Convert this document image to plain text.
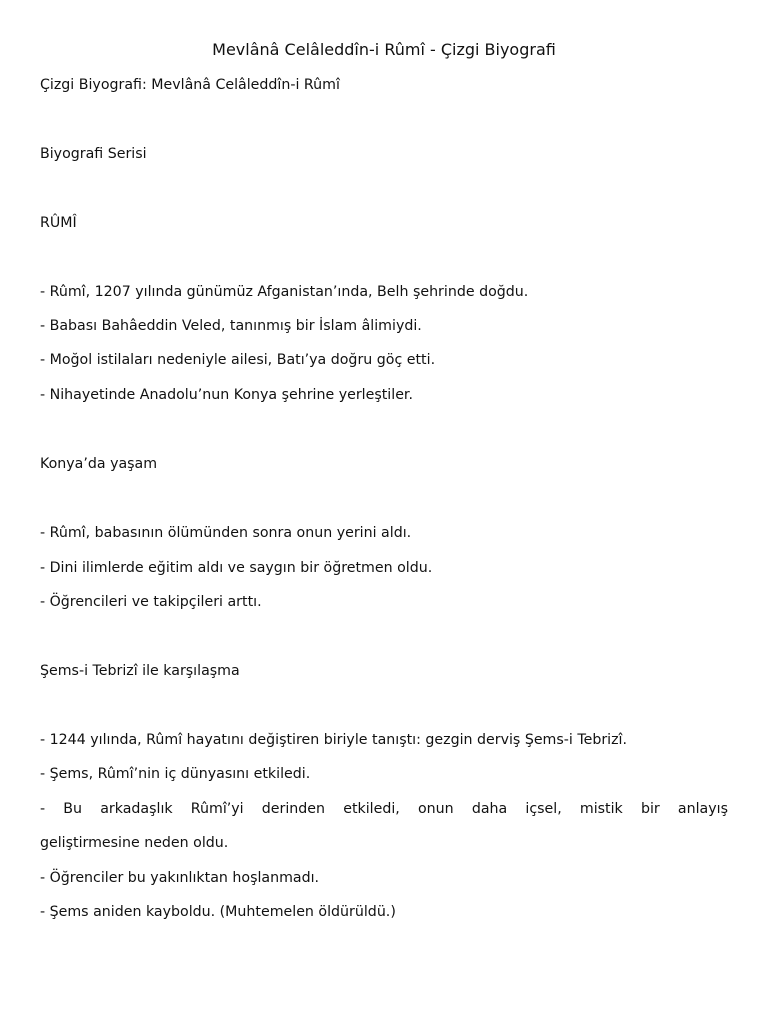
Mevlânâ Celâleddîn-i Rûmî - Çizgi Biyografi
Çizgi Biyografi: Mevlânâ Celâleddîn-i Rûmî
Biyografi Serisi
RÛMÎ
- Rûmî, 1207 yılında günümüz Afganistan’ında, Belh şehrinde doğdu.
- Babası Bahâeddin Veled, tanınmış bir İslam âlimiydi.
- Moğol istilaları nedeniyle ailesi, Batı’ya doğru göç etti.
- Nihayetinde Anadolu’nun Konya şehrine yerleştiler.
Konya’da yaşam
- Rûmî, babasının ölümünden sonra onun yerini aldı.
- Dini ilimlerde eğitim aldı ve saygın bir öğretmen oldu.
- Öğrencileri ve takipçileri arttı.
Şems-i Tebrizî ile karşılaşma
- 1244 yılında, Rûmî hayatını değiştiren biriyle tanıştı: gezgin derviş Şems-i Tebrizî.
- Şems, Rûmî’nin iç dünyasını etkiledi.
- Bu arkadaşlık Rûmî’yi derinden etkiledi, onun daha içsel, mistik bir anlayış
geliştirmesine neden oldu.
- Öğrenciler bu yakınlıktan hoşlanmadı.
- Şems aniden kayboldu. (Muhtemelen öldürüldü.)
